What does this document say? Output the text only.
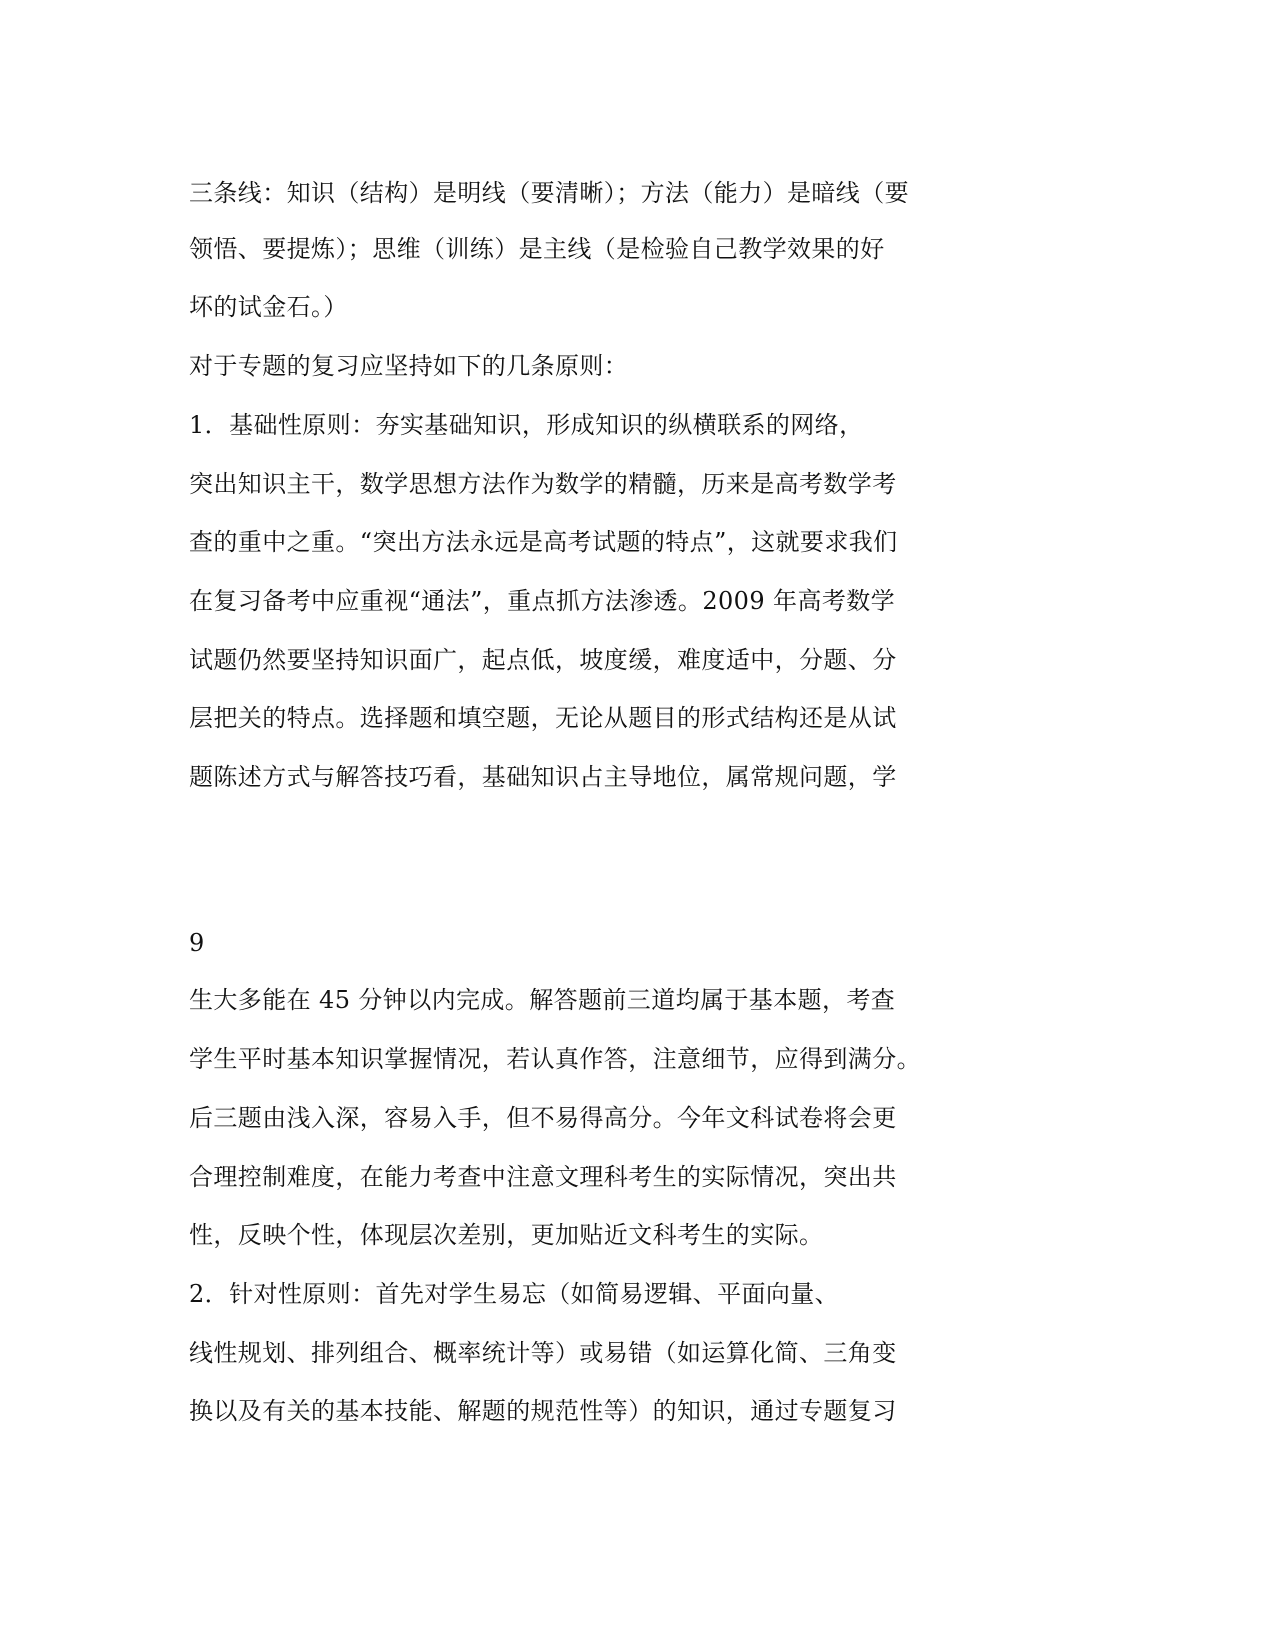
三条线：知识（结构）是明线（要清晰）；方法（能力）是暗线（要
领悟、要提炼）；思维（训练）是主线（是检验自己教学效果的好
坏的试金石。）
对于专题的复习应坚持如下的几条原则：
1．基础性原则：夯实基础知识，形成知识的纵横联系的网络，
突出知识主干，数学思想方法作为数学的精髓，历来是高考数学考
查的重中之重。“突出方法永远是高考试题的特点”，这就要求我们
在复习备考中应重视“通法”，重点抓方法渗透。2009 年高考数学
试题仍然要坚持知识面广，起点低，坡度缓，难度适中，分题、分
层把关的特点。选择题和填空题，无论从题目的形式结构还是从试
题陈述方式与解答技巧看，基础知识占主导地位，属常规问题，学
9
生大多能在 45 分钟以内完成。解答题前三道均属于基本题，考查
学生平时基本知识掌握情况，若认真作答，注意细节，应得到满分。
后三题由浅入深，容易入手，但不易得高分。今年文科试卷将会更
合理控制难度，在能力考查中注意文理科考生的实际情况，突出共
性，反映个性，体现层次差别，更加贴近文科考生的实际。
2．针对性原则：首先对学生易忘（如简易逻辑、平面向量、
线性规划、排列组合、概率统计等）或易错（如运算化简、三角变
换以及有关的基本技能、解题的规范性等）的知识，通过专题复习
